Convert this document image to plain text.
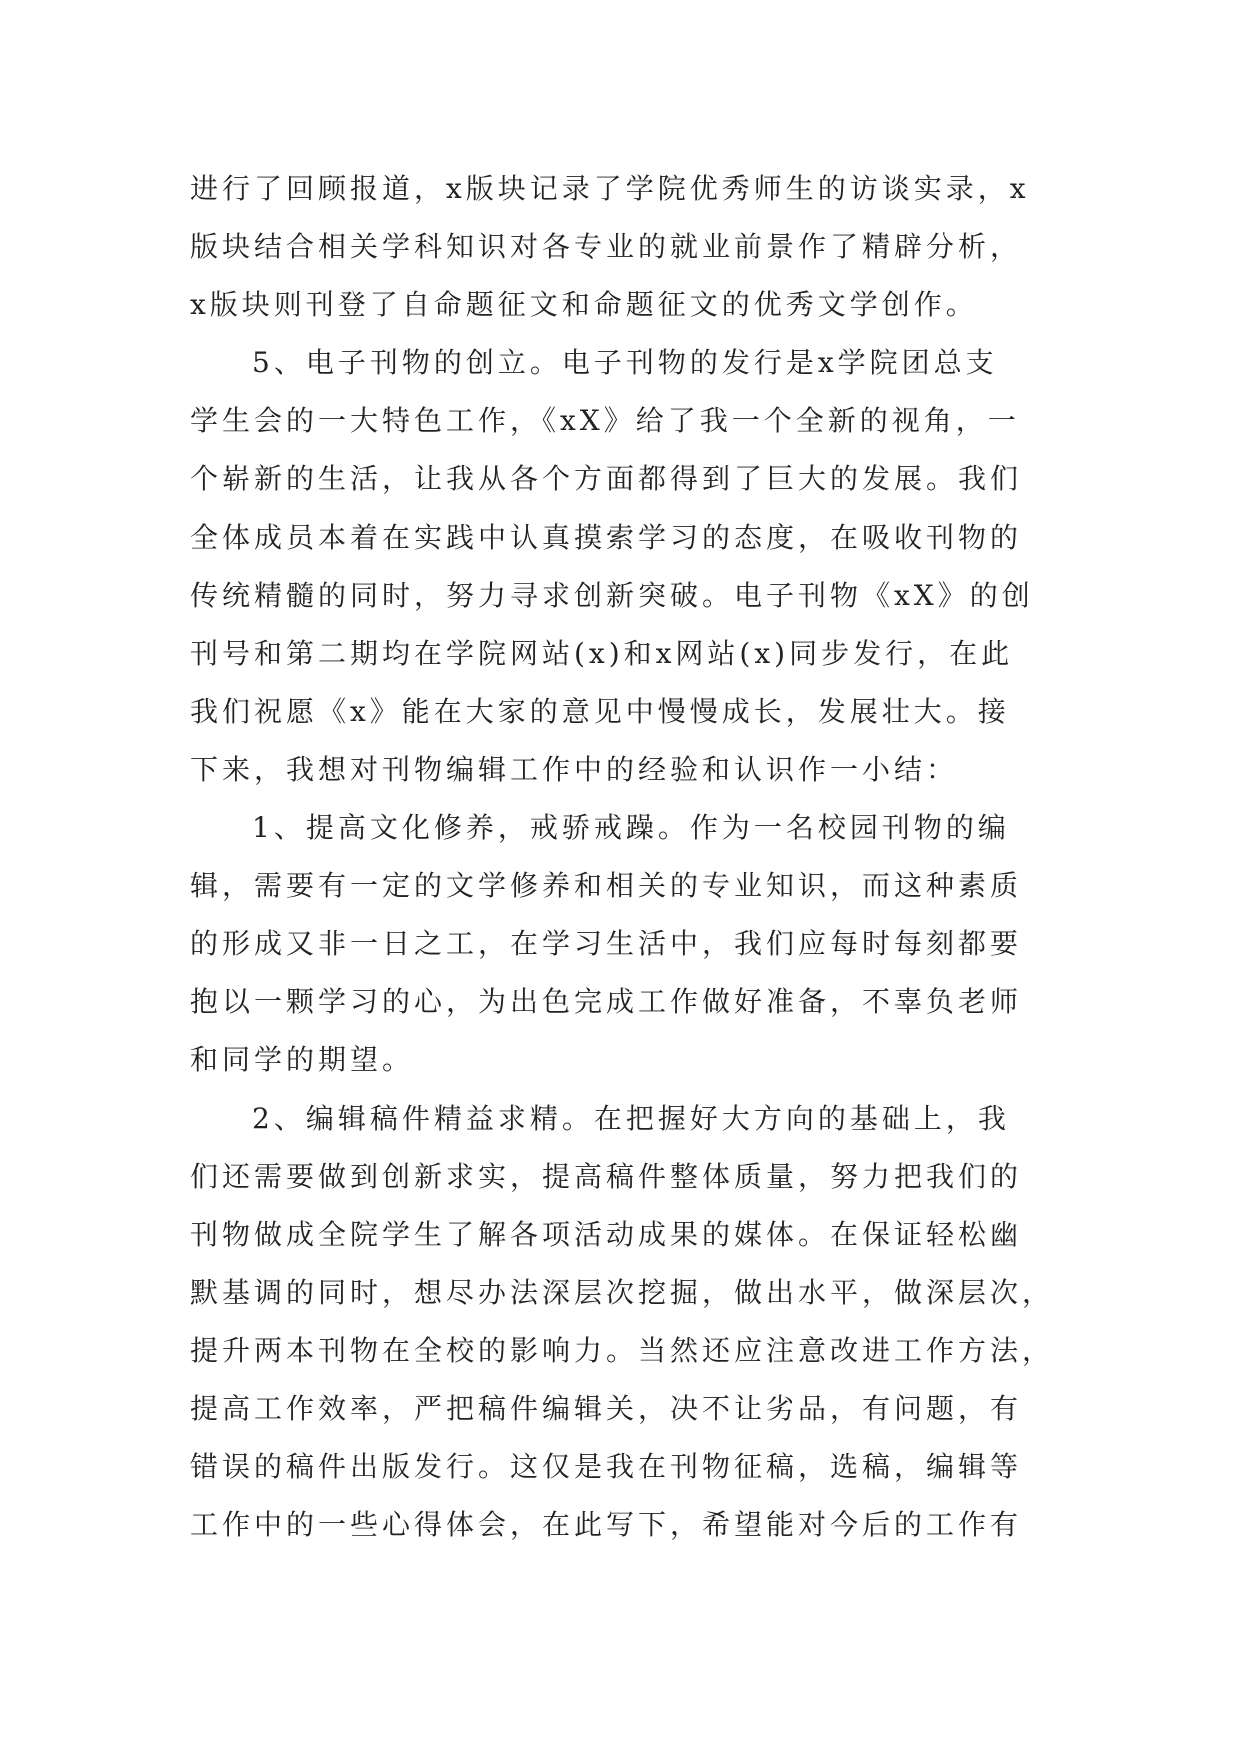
进行了回顾报道，x版块记录了学院优秀师生的访谈实录，x
版块结合相关学科知识对各专业的就业前景作了精辟分析，
x版块则刊登了自命题征文和命题征文的优秀文学创作。
5、电子刊物的创立。电子刊物的发行是x学院团总支
学生会的一大特色工作，《xX》给了我一个全新的视角，一
个崭新的生活，让我从各个方面都得到了巨大的发展。我们
全体成员本着在实践中认真摸索学习的态度，在吸收刊物的
传统精髓的同时，努力寻求创新突破。电子刊物《xX》的创
刊号和第二期均在学院网站(x)和x网站(x)同步发行，在此
我们祝愿《x》能在大家的意见中慢慢成长，发展壮大。接
下来，我想对刊物编辑工作中的经验和认识作一小结：
1、提高文化修养，戒骄戒躁。作为一名校园刊物的编
辑，需要有一定的文学修养和相关的专业知识，而这种素质
的形成又非一日之工，在学习生活中，我们应每时每刻都要
抱以一颗学习的心，为出色完成工作做好准备，不辜负老师
和同学的期望。
2、编辑稿件精益求精。在把握好大方向的基础上，我
们还需要做到创新求实，提高稿件整体质量，努力把我们的
刊物做成全院学生了解各项活动成果的媒体。在保证轻松幽
默基调的同时，想尽办法深层次挖掘，做出水平，做深层次，
提升两本刊物在全校的影响力。当然还应注意改进工作方法，
提高工作效率，严把稿件编辑关，决不让劣品，有问题，有
错误的稿件出版发行。这仅是我在刊物征稿，选稿，编辑等
工作中的一些心得体会，在此写下，希望能对今后的工作有
